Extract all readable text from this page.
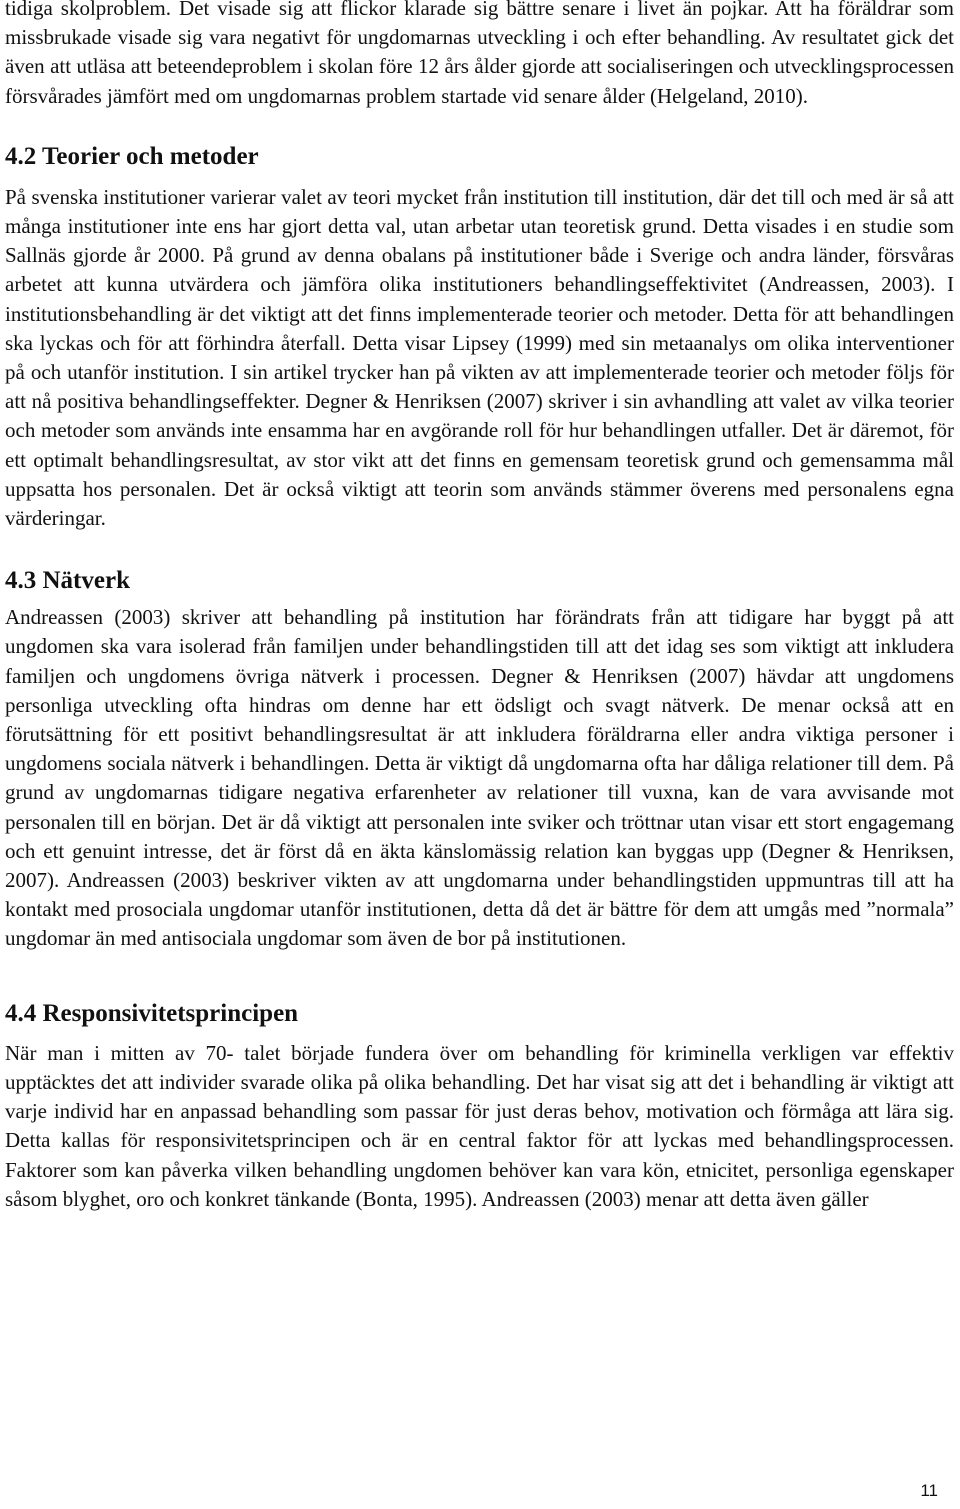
tidiga skolproblem. Det visade sig att flickor klarade sig bättre senare i livet än pojkar. Att ha föräldrar som missbrukade visade sig vara negativt för ungdomarnas utveckling i och efter behandling. Av resultatet gick det även att utläsa att beteendeproblem i skolan före 12 års ålder gjorde att socialiseringen och utvecklingsprocessen försvårades jämfört med om ungdomarnas problem startade vid senare ålder (Helgeland, 2010).

4.2 Teorier och metoder

På svenska institutioner varierar valet av teori mycket från institution till institution, där det till och med är så att många institutioner inte ens har gjort detta val, utan arbetar utan teoretisk grund. Detta visades i en studie som Sallnäs gjorde år 2000. På grund av denna obalans på institutioner både i Sverige och andra länder, försvåras arbetet att kunna utvärdera och jämföra olika institutioners behandlingseffektivitet (Andreassen, 2003). I institutionsbehandling är det viktigt att det finns implementerade teorier och metoder. Detta för att behandlingen ska lyckas och för att förhindra återfall. Detta visar Lipsey (1999) med sin metaanalys om olika interventioner på och utanför institution. I sin artikel trycker han på vikten av att implementerade teorier och metoder följs för att nå positiva behandlingseffekter. Degner & Henriksen (2007) skriver i sin avhandling att valet av vilka teorier och metoder som används inte ensamma har en avgörande roll för hur behandlingen utfaller. Det är däremot, för ett optimalt behandlingsresultat, av stor vikt att det finns en gemensam teoretisk grund och gemensamma mål uppsatta hos personalen. Det är också viktigt att teorin som används stämmer överens med personalens egna värderingar.

4.3 Nätverk

Andreassen (2003) skriver att behandling på institution har förändrats från att tidigare har byggt på att ungdomen ska vara isolerad från familjen under behandlingstiden till att det idag ses som viktigt att inkludera familjen och ungdomens övriga nätverk i processen. Degner & Henriksen (2007) hävdar att ungdomens personliga utveckling ofta hindras om denne har ett ödsligt och svagt nätverk. De menar också att en förutsättning för ett positivt behandlingsresultat är att inkludera föräldrarna eller andra viktiga personer i ungdomens sociala nätverk i behandlingen. Detta är viktigt då ungdomarna ofta har dåliga relationer till dem. På grund av ungdomarnas tidigare negativa erfarenheter av relationer till vuxna, kan de vara avvisande mot personalen till en början. Det är då viktigt att personalen inte sviker och tröttnar utan visar ett stort engagemang och ett genuint intresse, det är först då en äkta känslomässig relation kan byggas upp (Degner & Henriksen, 2007). Andreassen (2003) beskriver vikten av att ungdomarna under behandlingstiden uppmuntras till att ha kontakt med prosociala ungdomar utanför institutionen, detta då det är bättre för dem att umgås med ”normala” ungdomar än med antisociala ungdomar som även de bor på institutionen.

4.4 Responsivitetsprincipen

När man i mitten av 70- talet började fundera över om behandling för kriminella verkligen var effektiv upptäcktes det att individer svarade olika på olika behandling. Det har visat sig att det i behandling är viktigt att varje individ har en anpassad behandling som passar för just deras behov, motivation och förmåga att lära sig. Detta kallas för responsivitetsprincipen och är en central faktor för att lyckas med behandlingsprocessen. Faktorer som kan påverka vilken behandling ungdomen behöver kan vara kön, etnicitet, personliga egenskaper såsom blyghet, oro och konkret tänkande (Bonta, 1995). Andreassen (2003) menar att detta även gäller

11
